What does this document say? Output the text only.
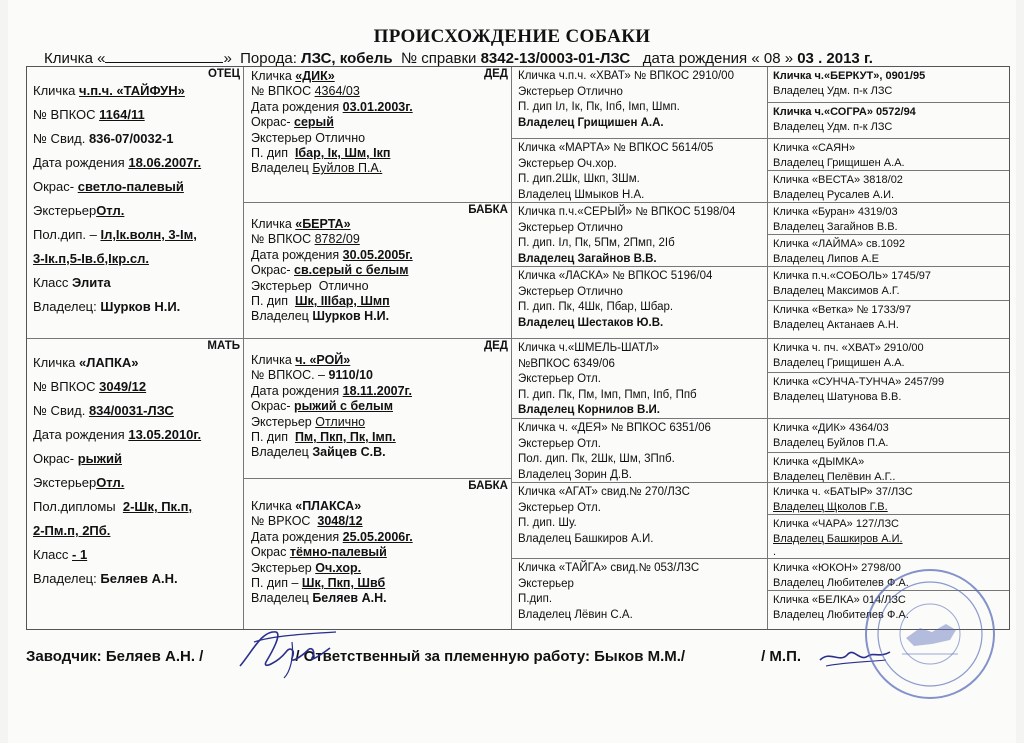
ПРОИСХОЖДЕНИЕ СОБАКИ
Кличка «	» Порода: ЛЗС, кобель № справки 8342-13/0003-01-ЛЗС дата рождения « 08 » 03 . 2013 г.
ОТЕЦ
Кличка ч.п.ч. «ТАЙФУН»
№ ВПКОС 1164/11
№ Свид. 836-07/0032-1
Дата рождения 18.06.2007г.
Окрас- светло-палевый
ЭкстерьерОтл.
Пол.дип. – Iл,Iк.волн, 3-Iм,
3-Iк.п,5-Iв.б,Iкр.сл.
Класс Элита
Владелец: Шурков Н.И.
МАТЬ
Кличка «ЛАПКА»
№ ВПКОС 3049/12
№ Свид. 834/0031-ЛЗС
Дата рождения 13.05.2010г.
Окрас- рыжий
ЭкстерьерОтл.
Пол.дипломы 2-Шк, Пк.п,
2-Пм.п, 2Пб.
Класс - 1
Владелец: Беляев А.Н.
ДЕД
Кличка «ДИК»
№ ВПКОС 4364/03
Дата рождения 03.01.2003г.
Окрас- серый
Экстерьер Отлично
П. дип Iбар, Iк, Шм, Iкп
Владелец Буйлов П.А.
БАБКА
Кличка «БЕРТА»
№ ВПКОС 8782/09
Дата рождения 30.05.2005г.
Окрас- св.серый с белым
Экстерьер Отлично
П. дип Шк, IIIбар, Шмп
Владелец Шурков Н.И.
ДЕД
Кличка ч. «РОЙ»
№ ВПКОС. – 9110/10
Дата рождения 18.11.2007г.
Окрас- рыжий с белым
Экстерьер Отлично
П. дип Пм, Пкп, Пк, Iмп.
Владелец Зайцев С.В.
БАБКА
Кличка «ПЛАКСА»
№ ВРКОС 3048/12
Дата рождения 25.05.2006г.
Окрас тёмно-палевый
Экстерьер Оч.хор.
П. дип – Шк, Пкп, Швб
Владелец Беляев А.Н.
Кличка ч.п.ч. «ХВАТ» № ВПКОС 2910/00
Экстерьер Отлично
П. дип Iл, Iк, Пк, Iпб, Iмп, Шмп.
Владелец Грищишен А.А.
Кличка «МАРТА» № ВПКОС 5614/05
Экстерьер Оч.хор.
П. дип.2Шк, Шкп, 3Шм.
Владелец Шмыков Н.А.
Кличка п.ч.«СЕРЫЙ» № ВПКОС 5198/04
Экстерьер Отлично
П. дип. Iл, Пк, 5Пм, 2Пмп, 2Iб
Владелец Загайнов В.В.
Кличка «ЛАСКА» № ВПКОС 5196/04
Экстерьер Отлично
П. дип. Пк, 4Шк, Пбар, Шбар.
Владелец Шестаков Ю.В.
Кличка ч.«ШМЕЛЬ-ШАТЛ»
№ВПКОС 6349/06
Экстерьер Отл.
П. дип. Пк, Пм, Iмп, Пмп, Iпб, Ппб
Владелец Корнилов В.И.
Кличка ч. «ДЕЯ» № ВПКОС 6351/06
Экстерьер Отл.
Пол. дип. Пк, 2Шк, Шм, 3Ппб.
Владелец Зорин Д.В.
Кличка «АГАТ» свид.№ 270/ЛЗС
Экстерьер Отл.
П. дип. Шу.
Владелец Башкиров А.И.
Кличка «ТАЙГА» свид.№ 053/ЛЗС
Экстерьер
П.дип.
Владелец Лёвин С.А.
Кличка ч.«БЕРКУТ», 0901/95
Владелец Удм. п-к ЛЗС
Кличка ч.«СОГРА» 0572/94
Владелец Удм. п-к ЛЗС
Кличка «САЯН»
Владелец Грищишен А.А.
Кличка «ВЕСТА» 3818/02
Владелец Русалев А.И.
Кличка «Буран» 4319/03
Владелец Загайнов В.В.
Кличка «ЛАЙМА» св.1092
Владелец Липов А.Е
Кличка п.ч.«СОБОЛЬ» 1745/97
Владелец Максимов А.Г.
Кличка «Ветка» № 1733/97
Владелец Актанаев А.Н.
Кличка ч. пч. «ХВАТ» 2910/00
Владелец Грищишен А.А.
Кличка «СУНЧА-ТУНЧА» 2457/99
Владелец Шатунова В.В.
Кличка «ДИК» 4364/03
Владелец Буйлов П.А.
Кличка «ДЫМКА»
Владелец Пелёвин А.Г..
Кличка ч. «БАТЫР» 37/ЛЗС
Владелец Щколов Г.В.
Кличка «ЧАРА» 127/ЛЗС
Владелец Башкиров А.И.
.
Кличка «ЮКОН» 2798/00
Владелец Любителев Ф.А.
Кличка «БЕЛКА» 014/ЛЗС
Владелец Любителев Ф.А.
Заводчик: Беляев А.Н. /	/ Ответственный за племенную работу: Быков М.М./	/ М.П.
